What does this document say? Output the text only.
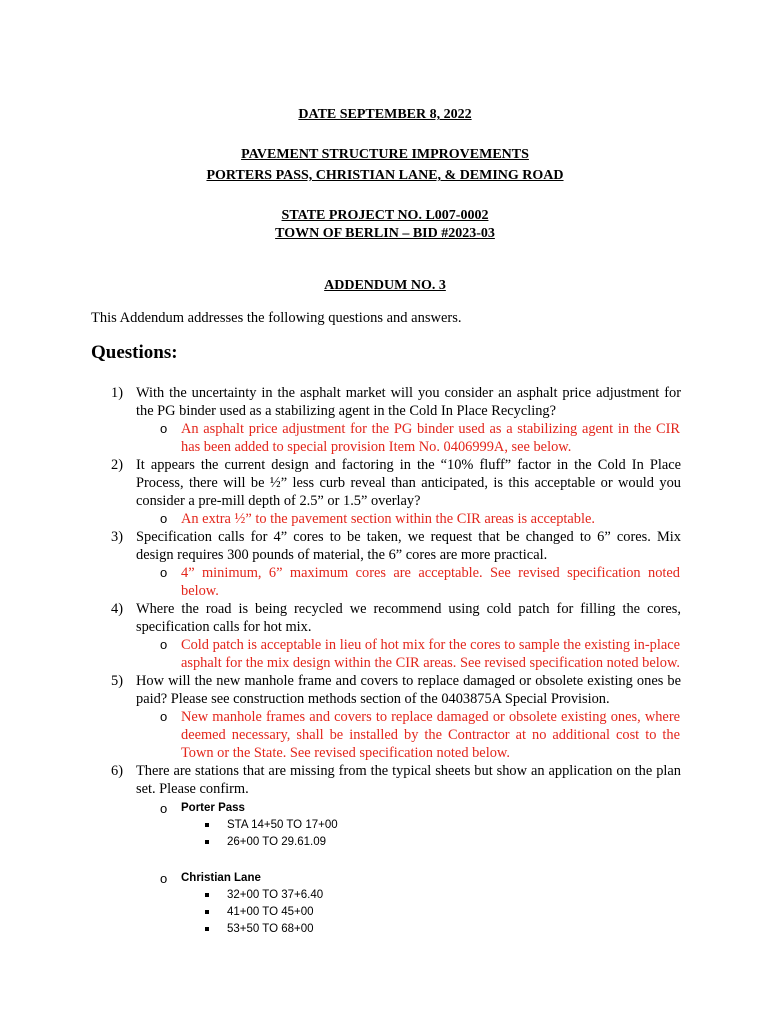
DATE SEPTEMBER 8, 2022
PAVEMENT STRUCTURE IMPROVEMENTS
PORTERS PASS, CHRISTIAN LANE, & DEMING ROAD
STATE PROJECT NO. L007-0002
TOWN OF BERLIN – BID #2023-03
ADDENDUM NO. 3
This Addendum addresses the following questions and answers.
Questions:
1) With the uncertainty in the asphalt market will you consider an asphalt price adjustment for the PG binder used as a stabilizing agent in the Cold In Place Recycling?
o An asphalt price adjustment for the PG binder used as a stabilizing agent in the CIR has been added to special provision Item No. 0406999A, see below.
2) It appears the current design and factoring in the “10% fluff” factor in the Cold In Place Process, there will be ½” less curb reveal than anticipated, is this acceptable or would you consider a pre-mill depth of 2.5” or 1.5” overlay?
o An extra ½” to the pavement section within the CIR areas is acceptable.
3) Specification calls for 4” cores to be taken, we request that be changed to 6” cores. Mix design requires 300 pounds of material, the 6” cores are more practical.
o 4” minimum, 6” maximum cores are acceptable. See revised specification noted below.
4) Where the road is being recycled we recommend using cold patch for filling the cores, specification calls for hot mix.
o Cold patch is acceptable in lieu of hot mix for the cores to sample the existing in-place asphalt for the mix design within the CIR areas. See revised specification noted below.
5) How will the new manhole frame and covers to replace damaged or obsolete existing ones be paid? Please see construction methods section of the 0403875A Special Provision.
o New manhole frames and covers to replace damaged or obsolete existing ones, where deemed necessary, shall be installed by the Contractor at no additional cost to the Town or the State. See revised specification noted below.
6) There are stations that are missing from the typical sheets but show an application on the plan set. Please confirm.
o Porter Pass
STA 14+50 TO 17+00
26+00 TO 29.61.09
o Christian Lane
32+00 TO 37+6.40
41+00 TO 45+00
53+50 TO 68+00
